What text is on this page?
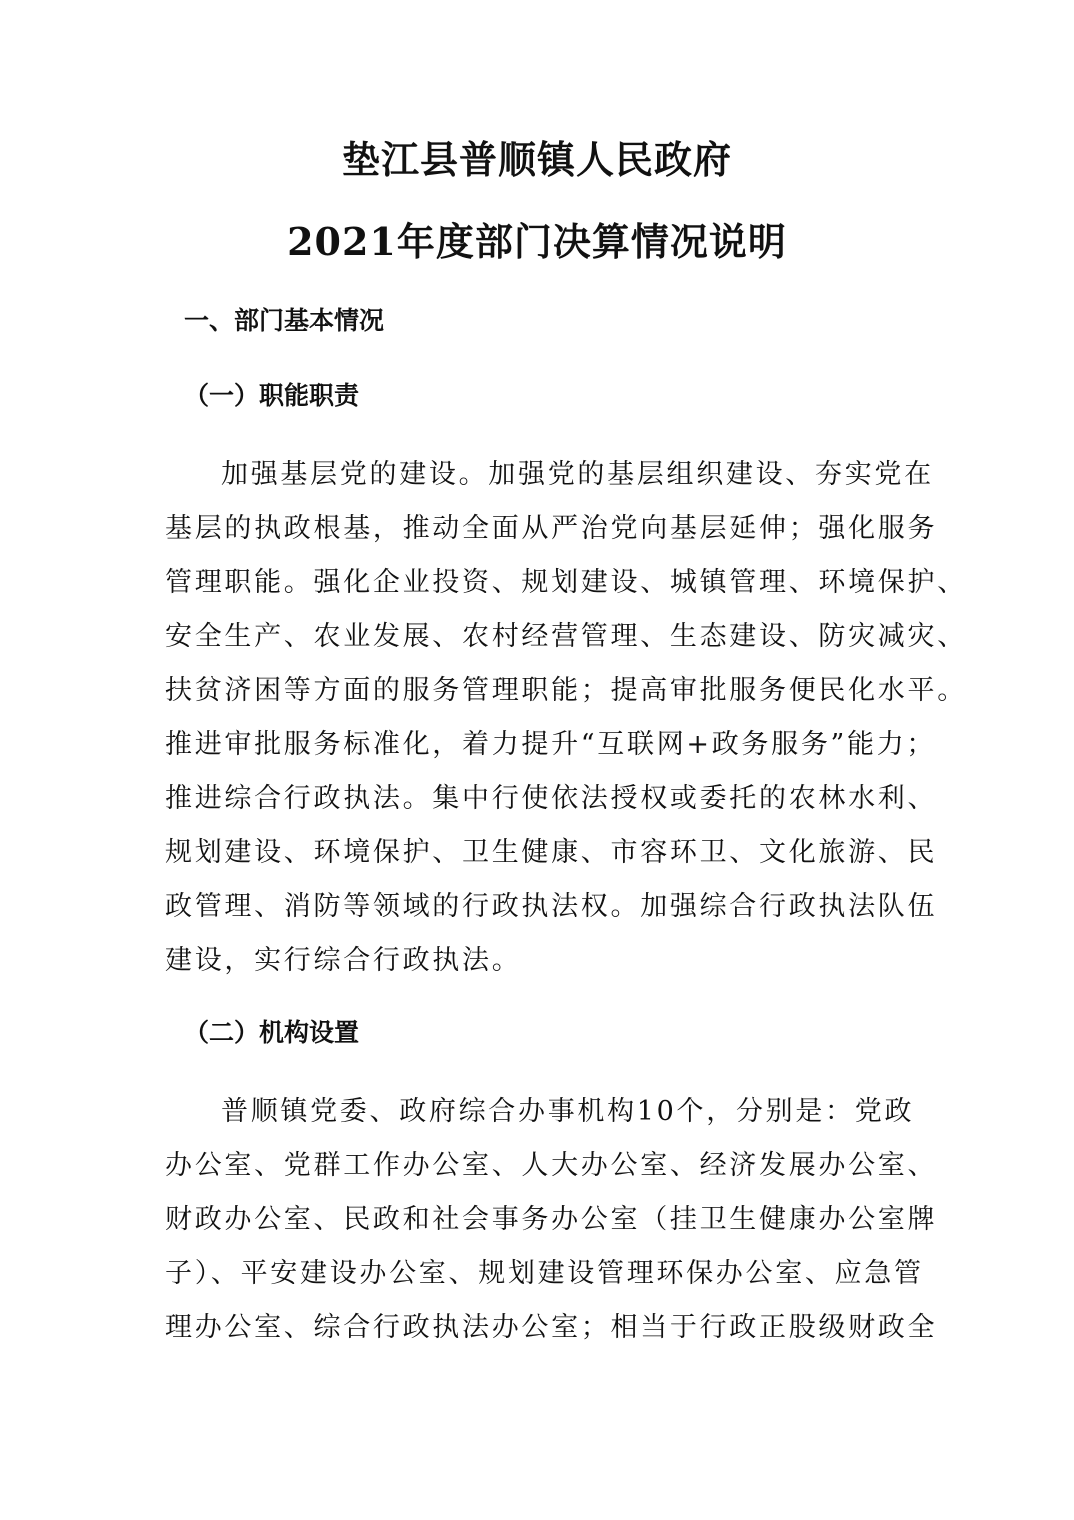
垫江县普顺镇人民政府
2021年度部门决算情况说明
一、部门基本情况
（一）职能职责

加强基层党的建设。加强党的基层组织建设、夯实党在

基层的执政根基，推动全面从严治党向基层延伸；强化服务

管理职能。强化企业投资、规划建设、城镇管理、环境保护、

安全生产、农业发展、农村经营管理、生态建设、防灾减灾、

扶贫济困等方面的服务管理职能；提高审批服务便民化水平。

推进审批服务标准化，着力提升“互联网+政务服务”能力；

推进综合行政执法。集中行使依法授权或委托的农林水利、

规划建设、环境保护、卫生健康、市容环卫、文化旅游、民

政管理、消防等领域的行政执法权。加强综合行政执法队伍

建设，实行综合行政执法。

（二）机构设置

普顺镇党委、政府综合办事机构10个，分别是：党政

办公室、党群工作办公室、人大办公室、经济发展办公室、

财政办公室、民政和社会事务办公室（挂卫生健康办公室牌

子）、平安建设办公室、规划建设管理环保办公室、应急管

理办公室、综合行政执法办公室；相当于行政正股级财政全
